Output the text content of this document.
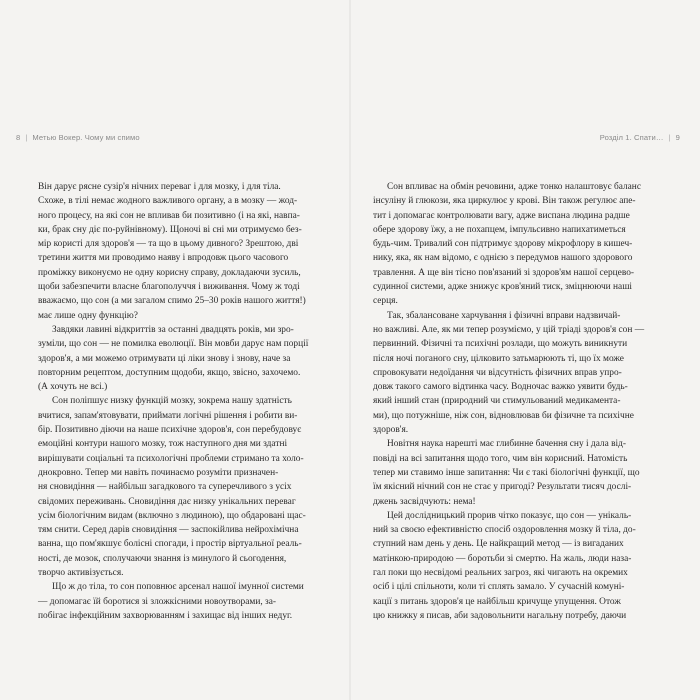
8 | Метью Вокер. Чому ми спимо	Розділ 1. Спати… | 9

Він дарує рясне сузір'я нічних переваг і для мозку, і для тіла.
Схоже, в тілі немає жодного важливого органу, а в мозку — жод-
ного процесу, на які сон не впливав би позитивно (і на які, навпа-
ки, брак сну діє по-руйнівному). Щоночі ві сні ми отримуємо без-
мір користі для здоров'я — та що в цьому дивного? Зрештою, дві
третини життя ми проводимо наяву і впродовж цього часового
проміжку виконуємо не одну корисну справу, докладаючи зусиль,
щоби забезпечити власне благополуччя і виживання. Чому ж тоді
вважаємо, що сон (а ми загалом спимо 25–30 років нашого життя!)
має лише одну функцію?

Завдяки лавині відкриттів за останні двадцять років, ми зро-
зуміли, що сон — не помилка еволюції. Він мовби дарує нам порції
здоров'я, а ми можемо отримувати ці ліки знову і знову, наче за
повторним рецептом, доступним щодоби, якщо, звісно, захочемо.
(А хочуть не всі.)

Сон поліпшує низку функцій мозку, зокрема нашу здатність
вчитися, запам'ятовувати, приймати логічні рішення і робити ви-
бір. Позитивно діючи на наше психічне здоров'я, сон перебудовує
емоційні контури нашого мозку, тож наступного дня ми здатні
вирішувати соціальні та психологічні проблеми стримано та холо-
днокровно. Тепер ми навіть починаємо розуміти призначен-
ня сновидіння — найбільш загадкового та суперечливого з усіх
свідомих переживань. Сновидіння дає низку унікальних переваг
усім біологічним видам (включно з людиною), що обдаровані щас-
тям снити. Серед дарів сновидіння — заспокійлива нейрохімічна
ванна, що пом'якшує болісні спогади, і простір віртуальної реаль-
ності, де мозок, сполучаючи знання із минулого й сьогодення,
творчо активізується.

Що ж до тіла, то сон поповнює арсенал нашої імунної системи
— допомагає їй боротися зі зложкісними новоутворами, за-
побігає інфекційним захворюванням і захищає від інших недуг.

Сон впливає на обмін речовини, адже тонко налаштовує баланс
інсуліну й глюкози, яка циркулює у крові. Він також регулює апе-
тит і допомагає контролювати вагу, адже виспана людина радше
обере здорову їжу, а не похапцем, імпульсивно напихатиметься
будь-чим. Тривалий сон підтримує здорову мікрофлору в кишеч-
нику, яка, як нам відомо, є однією з передумов нашого здорового
травлення. А ще він тісно пов'язаний зі здоров'ям нашої серцево-
судинної системи, адже знижує кров'яний тиск, зміцнюючи наші
серця.

Так, збалансоване харчування і фізичні вправи надзвичай-
но важливі. Але, як ми тепер розуміємо, у цій тріаді здоров'я сон —
первинний. Фізичні та психічні розлади, що можуть виникнути
після ночі поганого сну, цілковито затьмарюють ті, що їх може
спровокувати недоїдання чи відсутність фізичних вправ упро-
довж такого самого відтинка часу. Водночас важко уявити будь-
який інший стан (природний чи стимульований медикамента-
ми), що потужніше, ніж сон, відновлював би фізичне та психічне
здоров'я.

Новітня наука нарешті має глибинне бачення сну і дала від-
повіді на всі запитання щодо того, чим він корисний. Натомість
тепер ми ставимо інше запитання: Чи є такі біологічні функції, що
їм якісний нічний сон не стає у пригоді? Результати тисяч дослі-
джень засвідчують: нема!

Цей дослідницький прорив чітко показує, що сон — унікаль-
ний за своєю ефективністю спосіб оздоровлення мозку й тіла, до-
ступний нам день у день. Це найкращий метод — із вигаданих
матінкою-природою — боротьби зі смертю. На жаль, люди наза-
гал поки що несвідомі реальних загроз, які чигають на окремих
осіб і цілі спільноти, коли ті сплять замало. У сучасній комуні-
кації з питань здоров'я це найбільш кричуще упущення. Отож
цю книжку я писав, аби задовольнити нагальну потребу, даючи
